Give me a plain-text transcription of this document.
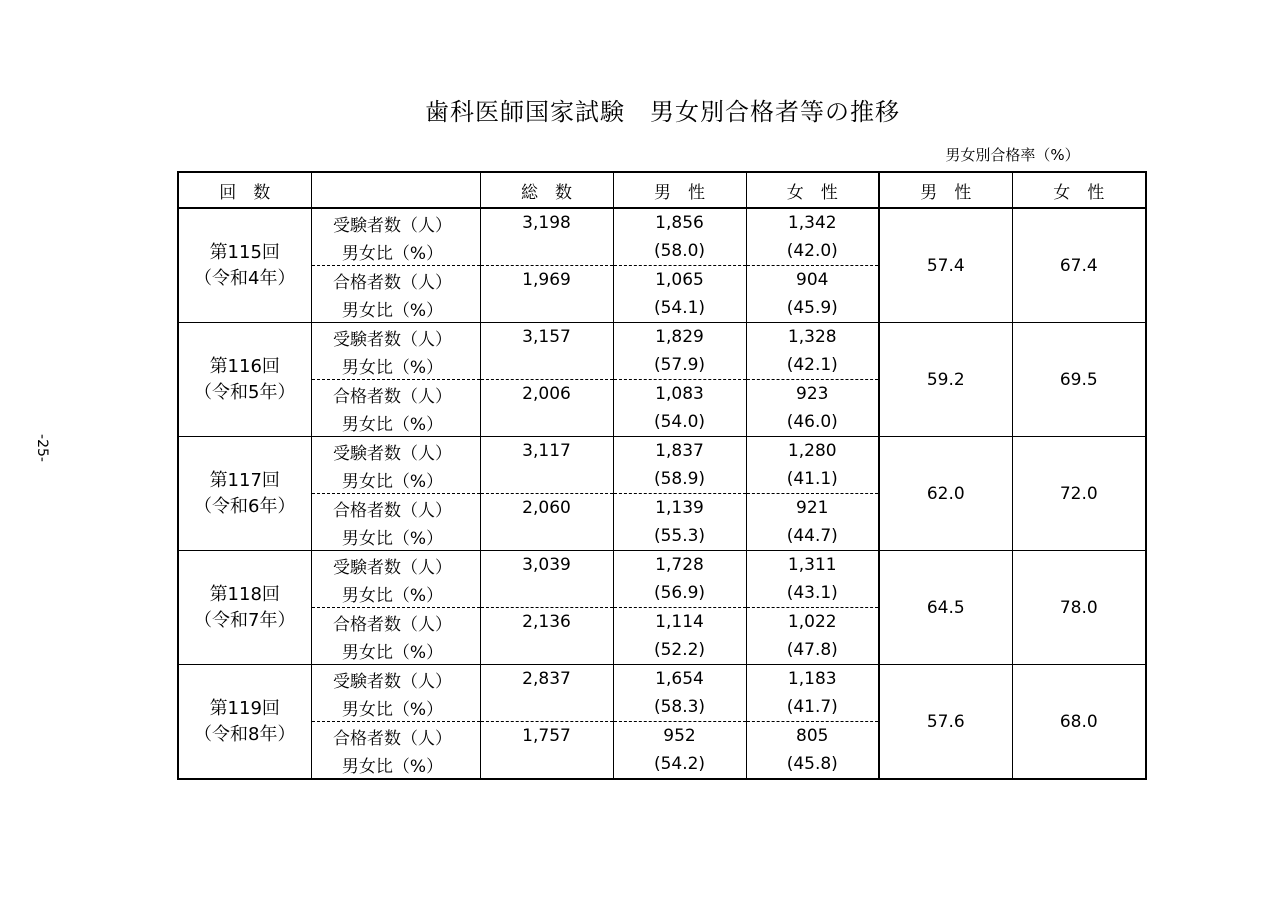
歯科医師国家試験　男女別合格者等の推移
-25-
					男女別合格率（%）	
回　数		総　数	男　性	女　性	男　性	女　性

第115回
（令和4年）	受験者数（人）	3,198	1,856	1,342	57.4	67.4
	男女比（%）		(58.0)	(42.0)		
	合格者数（人）	1,969	1,065	904		
	男女比（%）		(54.1)	(45.9)		

第116回
（令和5年）	受験者数（人）	3,157	1,829	1,328	59.2	69.5
	男女比（%）		(57.9)	(42.1)		
	合格者数（人）	2,006	1,083	923		
	男女比（%）		(54.0)	(46.0)		

第117回
（令和6年）	受験者数（人）	3,117	1,837	1,280	62.0	72.0
	男女比（%）		(58.9)	(41.1)		
	合格者数（人）	2,060	1,139	921		
	男女比（%）		(55.3)	(44.7)		

第118回
（令和7年）	受験者数（人）	3,039	1,728	1,311	64.5	78.0
	男女比（%）		(56.9)	(43.1)		
	合格者数（人）	2,136	1,114	1,022		
	男女比（%）		(52.2)	(47.8)		

第119回
（令和8年）	受験者数（人）	2,837	1,654	1,183	57.6	68.0
	男女比（%）		(58.3)	(41.7)		
	合格者数（人）	1,757	952	805		
	男女比（%）		(54.2)	(45.8)		
